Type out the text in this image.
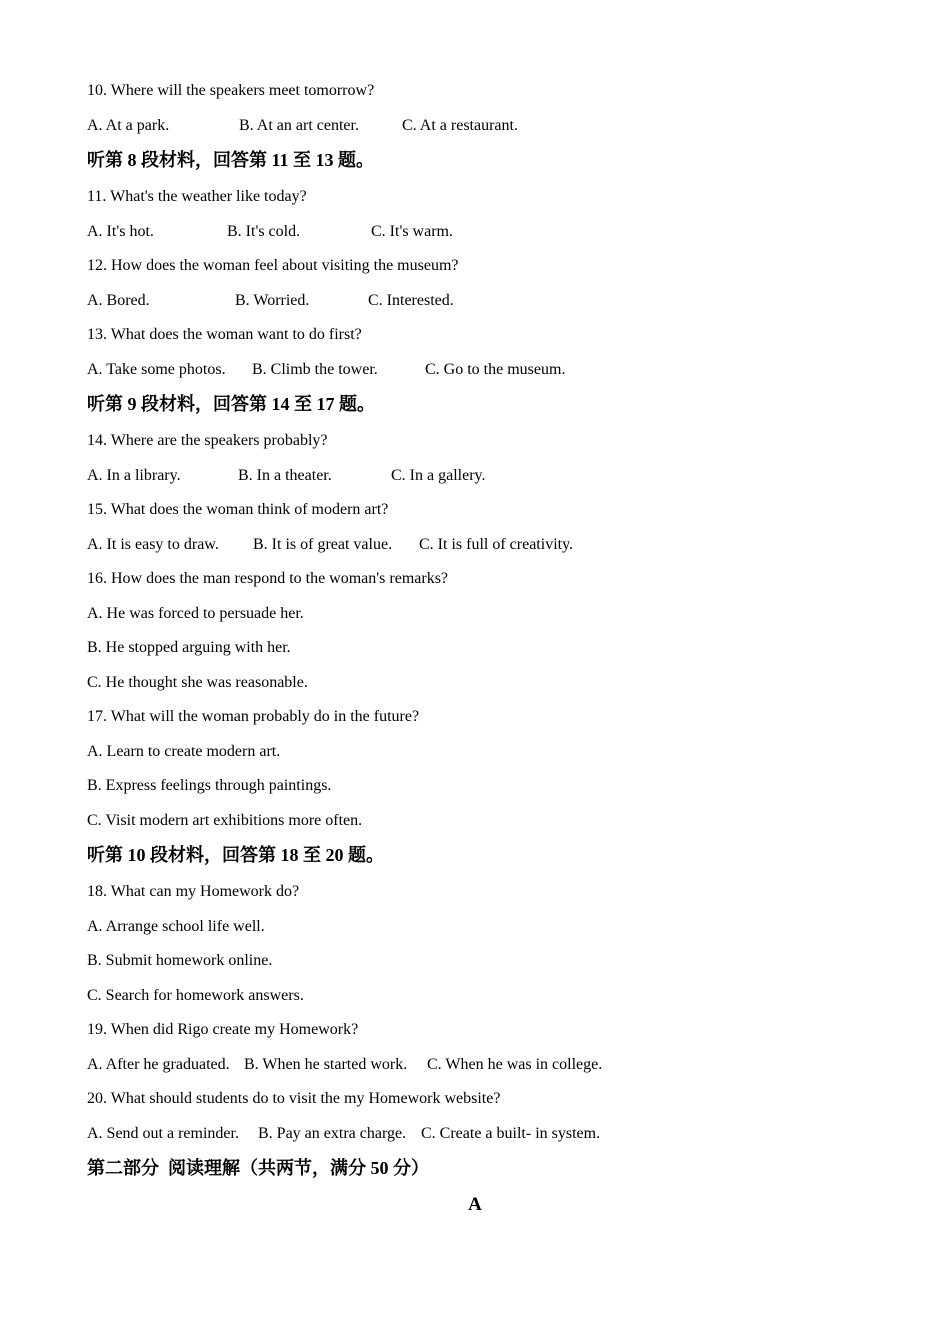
10. Where will the speakers meet tomorrow?

A. At a park.

	B. At an art center.

	C. At a restaurant.

听第 8 段材料，回答第 11 至 13 题。
11. What's the weather like today?

A. It's hot.

	B. It's cold.

	C. It's warm.

12. How does the woman feel about visiting the museum?

A. Bored.

	B. Worried.

	C. Interested.

13. What does the woman want to do first?

A. Take some photos.

B. Climb the tower.

	C. Go to the museum.

听第 9 段材料，回答第 14 至 17 题。
14. Where are the speakers probably?

A. In a library.

	B. In a theater.

	C. In a gallery.

15. What does the woman think of modern art?

A. It is easy to draw.

B. It is of great value.

C. It is full of creativity.

16. How does the man respond to the woman's remarks?
A. He was forced to persuade her.
B. He stopped arguing with her.
C. He thought she was reasonable.
17. What will the woman probably do in the future?
A. Learn to create modern art.
B. Express feelings through paintings.
C. Visit modern art exhibitions more often.
听第 10 段材料，回答第 18 至 20 题。
18. What can my Homework do?
A. Arrange school life well.
B. Submit homework online.
C. Search for homework answers.
19. When did Rigo create my Homework?

A. After he graduated.

B. When he started work.

C. When he was in college.

20. What should students do to visit the my Homework website?

A. Send out a reminder.

B. Pay an extra charge.

C. Create a built- in system.

第二部分  阅读理解（共两节，满分 50 分）
A
